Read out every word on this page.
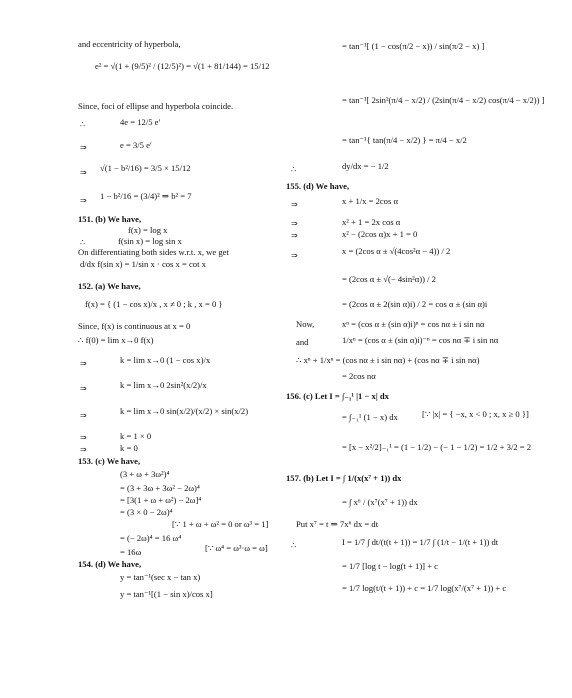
and eccentricity of hyperbola,
e² = √(1 + (9/5)² / (12/5)²) = √(1 + 81/144) = 15/12
Since, foci of ellipse and hyperbola coincide.
∴	4e = 12/5 e′
⇒	e = 3/5 e′
⇒ √(1 − b²/16) = 3/5 × 15/12
⇒ 1 − b²/16 = (3/4)² ⇒ b² = 7
151. (b) We have,
f(x) = log x
∴	f(sin x) = log sin x
On differentiating both sides w.r.t. x, we get
d/dx f(sin x) = 1/sin x · cos x = cot x
152. (a) We have,
f(x) = { (1 − cos x)/x , x ≠ 0 ; k , x = 0 }
Since, f(x) is continuous at x = 0
∴ f(0) = lim x→0 f(x)
⇒	k = lim x→0 (1 − cos x)/x
⇒	k = lim x→0 2sin²(x/2)/x
⇒	k = lim x→0 sin(x/2)/(x/2) × sin(x/2)
⇒	k = 1 × 0
⇒	k = 0
153. (c) We have,
(3 + ω + 3ω²)⁴
= (3 + 3ω + 3ω² − 2ω)⁴
= [3(1 + ω + ω²) − 2ω]⁴
= (3 × 0 − 2ω)⁴
[∵ 1 + ω + ω² = 0 or ω³ = 1]
= (− 2ω)⁴ = 16 ω⁴
= 16ω	[∵ ω⁴ = ω³·ω = ω]
154. (d) We have,
y = tan⁻¹(sec x − tan x)
y = tan⁻¹[(1 − sin x)/cos x]
= tan⁻¹[ (1 − cos(π/2 − x)) / sin(π/2 − x) ]
= tan⁻¹[ 2sin²(π/4 − x/2) / (2sin(π/4 − x/2) cos(π/4 − x/2)) ]
= tan⁻¹{ tan(π/4 − x/2) } = π/4 − x/2
∴	dy/dx = − 1/2
155. (d) We have,
⇒	x + 1/x = 2cos α
⇒	x² + 1 = 2x cos α
⇒	x² − (2cos α)x + 1 = 0
⇒	x = (2cos α ± √(4cos²α − 4)) / 2
= (2cos α ± √(− 4sin²α)) / 2
= (2cos α ± 2(sin α)i) / 2 = cos α ± (sin α)i
Now,	xⁿ = (cos α ± (sin α)i)ⁿ = cos nα ± i sin nα
and	1/xⁿ = (cos α ± (sin α)i)⁻ⁿ = cos nα ∓ i sin nα
∴ xⁿ + 1/xⁿ = (cos nα ± i sin nα) + (cos nα ∓ i sin nα)
= 2cos nα
156. (c) Let I = ∫₋₁¹ |1 − x| dx
= ∫₋₁¹ (1 − x) dx	[∵ |x| = { −x, x < 0 ; x, x ≥ 0 }]
= [x − x²/2]₋₁¹ = (1 − 1/2) − (− 1 − 1/2) = 1/2 + 3/2 = 2
157. (b) Let I = ∫ 1/(x(x⁷ + 1)) dx
= ∫ x⁶ / (x⁷(x⁷ + 1)) dx
Put x⁷ = t ⇒ 7x⁶ dx = dt
∴	I = 1/7 ∫ dt/(t(t + 1)) = 1/7 ∫ (1/t − 1/(t + 1)) dt
= 1/7 [log t − log(t + 1)] + c
= 1/7 log(t/(t + 1)) + c = 1/7 log(x⁷/(x⁷ + 1)) + c
